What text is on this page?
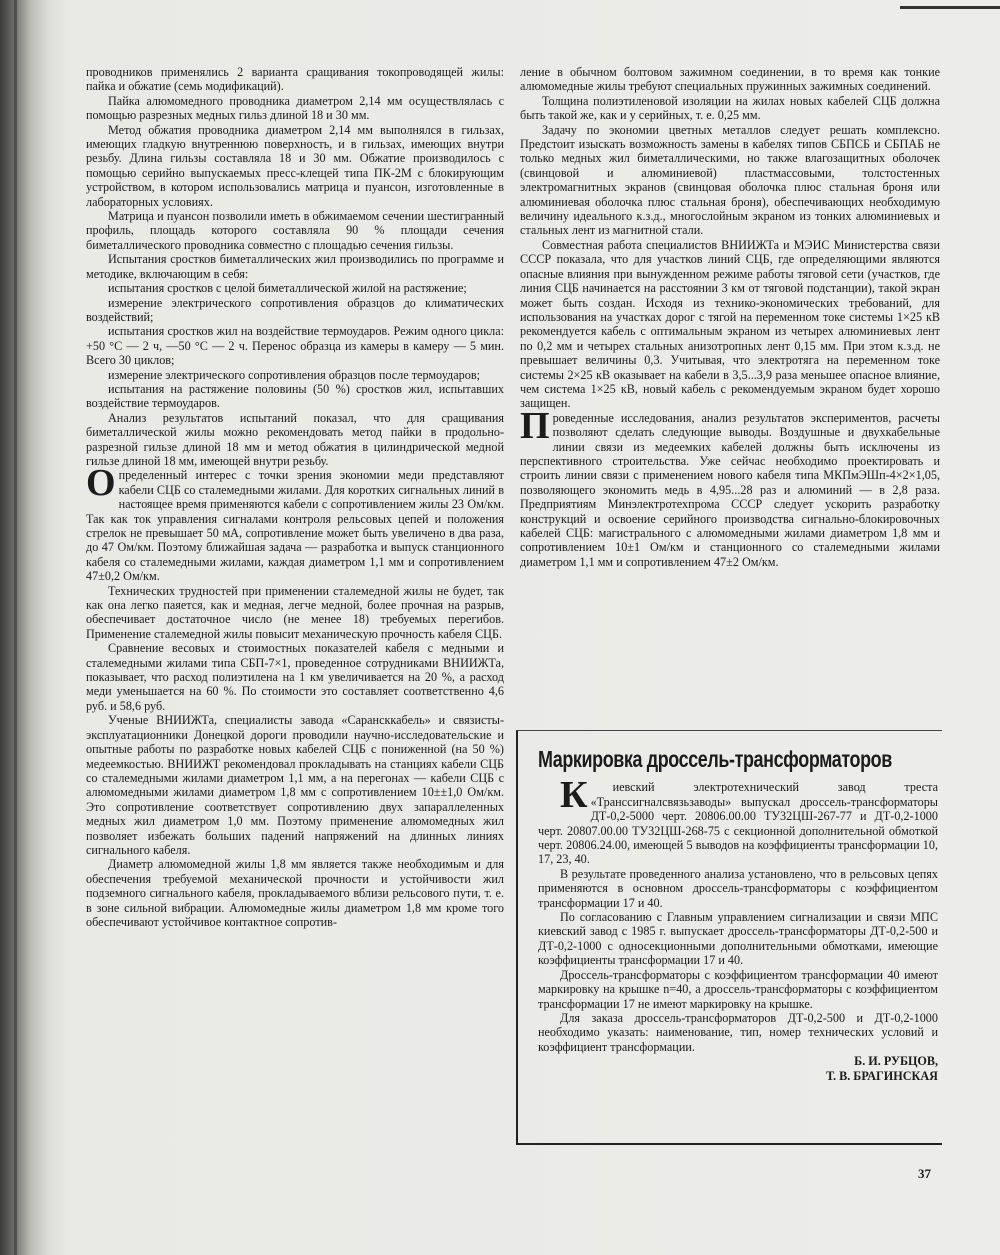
проводников применялись 2 варианта сращивания токопроводящей жилы: пайка и обжатие (семь модификаций).

Пайка алюмомедного проводника диаметром 2,14 мм осуществлялась с помощью разрезных медных гильз длиной 18 и 30 мм.

Метод обжатия проводника диаметром 2,14 мм выполнялся в гильзах, имеющих гладкую внутреннюю поверхность, и в гильзах, имеющих внутри резьбу. Длина гильзы составляла 18 и 30 мм. Обжатие производилось с помощью серийно выпускаемых пресс-клещей типа ПК-2М с блокирующим устройством, в котором использовались матрица и пуансон, изготовленные в лабораторных условиях.

Матрица и пуансон позволили иметь в обжимаемом сечении шестигранный профиль, площадь которого составляла 90 % площади сечения биметаллического проводника совместно с площадью сечения гильзы.

Испытания сростков биметаллических жил производились по программе и методике, включающим в себя:

испытания сростков с целой биметаллической жилой на растяжение;

измерение электрического сопротивления образцов до климатических воздействий;

испытания сростков жил на воздействие термоударов. Режим одного цикла: +50 °С — 2 ч, —50 °С — 2 ч. Перенос образца из камеры в камеру — 5 мин. Всего 30 циклов;

измерение электрического сопротивления образцов после термоударов;

испытания на растяжение половины (50 %) сростков жил, испытавших воздействие термоударов.

Анализ результатов испытаний показал, что для сращивания биметаллической жилы можно рекомендовать метод пайки в продольно-разрезной гильзе длиной 18 мм и метод обжатия в цилиндрической медной гильзе длиной 18 мм, имеющей внутри резьбу.

Определенный интерес с точки зрения экономии меди представляют кабели СЦБ со сталемедными жилами. Для коротких сигнальных линий в настоящее время применяются кабели с сопротивлением жилы 23 Ом/км. Так как ток управления сигналами контроля рельсовых цепей и положения стрелок не превышает 50 мА, сопротивление может быть увеличено в два раза, до 47 Ом/км. Поэтому ближайшая задача — разработка и выпуск станционного кабеля со сталемедными жилами, каждая диаметром 1,1 мм и сопротивлением 47±0,2 Ом/км.

Технических трудностей при применении сталемедной жилы не будет, так как она легко паяется, как и медная, легче медной, более прочная на разрыв, обеспечивает достаточное число (не менее 18) требуемых перегибов. Применение сталемедной жилы повысит механическую прочность кабеля СЦБ.

Сравнение весовых и стоимостных показателей кабеля с медными и сталемедными жилами типа СБП-7×1, проведенное сотрудниками ВНИИЖТа, показывает, что расход полиэтилена на 1 км увеличивается на 20 %, а расход меди уменьшается на 60 %. По стоимости это составляет соответственно 4,6 руб. и 58,6 руб.

Ученые ВНИИЖТа, специалисты завода «Сарансккабель» и связисты-эксплуатационники Донецкой дороги проводили научно-исследовательские и опытные работы по разработке новых кабелей СЦБ с пониженной (на 50 %) медеемкостью. ВНИИЖТ рекомендовал прокладывать на станциях кабели СЦБ со сталемедными жилами диаметром 1,1 мм, а на перегонах — кабели СЦБ с алюмомедными жилами диаметром 1,8 мм с сопротивлением 10±±1,0 Ом/км. Это сопротивление соответствует сопротивлению двух запараллеленных медных жил диаметром 1,0 мм. Поэтому применение алюмомедных жил позволяет избежать больших падений напряжений на длинных линиях сигнального кабеля.

Диаметр алюмомедной жилы 1,8 мм является также необходимым и для обеспечения требуемой механической прочности и устойчивости жил подземного сигнального кабеля, прокладываемого вблизи рельсового пути, т. е. в зоне сильной вибрации. Алюмомедные жилы диаметром 1,8 мм кроме того обеспечивают устойчивое контактное сопротив-

ление в обычном болтовом зажимном соединении, в то время как тонкие алюмомедные жилы требуют специальных пружинных зажимных соединений.

Толщина полиэтиленовой изоляции на жилах новых кабелей СЦБ должна быть такой же, как и у серийных, т. е. 0,25 мм.

Задачу по экономии цветных металлов следует решать комплексно. Предстоит изыскать возможность замены в кабелях типов СБПСБ и СБПАБ не только медных жил биметаллическими, но также влагозащитных оболочек (свинцовой и алюминиевой) пластмассовыми, толстостенных электромагнитных экранов (свинцовая оболочка плюс стальная броня или алюминиевая оболочка плюс стальная броня), обеспечивающих необходимую величину идеального к.з.д., многослойным экраном из тонких алюминиевых и стальных лент из магнитной стали.

Совместная работа специалистов ВНИИЖТа и МЭИС Министерства связи СССР показала, что для участков линий СЦБ, где определяющими являются опасные влияния при вынужденном режиме работы тяговой сети (участков, где линия СЦБ начинается на расстоянии 3 км от тяговой подстанции), такой экран может быть создан. Исходя из технико-экономических требований, для использования на участках дорог с тягой на переменном токе системы 1×25 кВ рекомендуется кабель с оптимальным экраном из четырех алюминиевых лент по 0,2 мм и четырех стальных анизотропных лент 0,15 мм. При этом к.з.д. не превышает величины 0,3. Учитывая, что электротяга на переменном токе системы 2×25 кВ оказывает на кабели в 3,5...3,9 раза меньшее опасное влияние, чем система 1×25 кВ, новый кабель с рекомендуемым экраном будет хорошо защищен.

Проведенные исследования, анализ результатов экспериментов, расчеты позволяют сделать следующие выводы. Воздушные и двухкабельные линии связи из медеемких кабелей должны быть исключены из перспективного строительства. Уже сейчас необходимо проектировать и строить линии связи с применением нового кабеля типа МКПмЭШп-4×2×1,05, позволяющего экономить медь в 4,95...28 раз и алюминий — в 2,8 раза. Предприятиям Минэлектротехпрома СССР следует ускорить разработку конструкций и освоение серийного производства сигнально-блокировочных кабелей СЦБ: магистрального с алюмомедными жилами диаметром 1,8 мм и сопротивлением 10±1 Ом/км и станционного со сталемедными жилами диаметром 1,1 мм и сопротивлением 47±2 Ом/км.

Маркировка дроссель-трансформаторов

Киевский электротехнический завод треста «Транссигналсвязьзаводы» выпускал дроссель-трансформаторы ДТ-0,2-5000 черт. 20806.00.00 ТУ32ЦШ-267-77 и ДТ-0,2-1000 черт. 20807.00.00 ТУ32ЦШ-268-75 с секционной дополнительной обмоткой черт. 20806.24.00, имеющей 5 выводов на коэффициенты трансформации 10, 17, 23, 40.

В результате проведенного анализа установлено, что в рельсовых цепях применяются в основном дроссель-трансформаторы с коэффициентом трансформации 17 и 40.

По согласованию с Главным управлением сигнализации и связи МПС киевский завод с 1985 г. выпускает дроссель-трансформаторы ДТ-0,2-500 и ДТ-0,2-1000 с односекционными дополнительными обмотками, имеющие коэффициенты трансформации 17 и 40.

Дроссель-трансформаторы с коэффициентом трансформации 40 имеют маркировку на крышке n=40, а дроссель-трансформаторы с коэффициентом трансформации 17 не имеют маркировку на крышке.

Для заказа дроссель-трансформаторов ДТ-0,2-500 и ДТ-0,2-1000 необходимо указать: наименование, тип, номер технических условий и коэффициент трансформации.

Б. И. РУБЦОВ,
Т. В. БРАГИНСКАЯ
37
